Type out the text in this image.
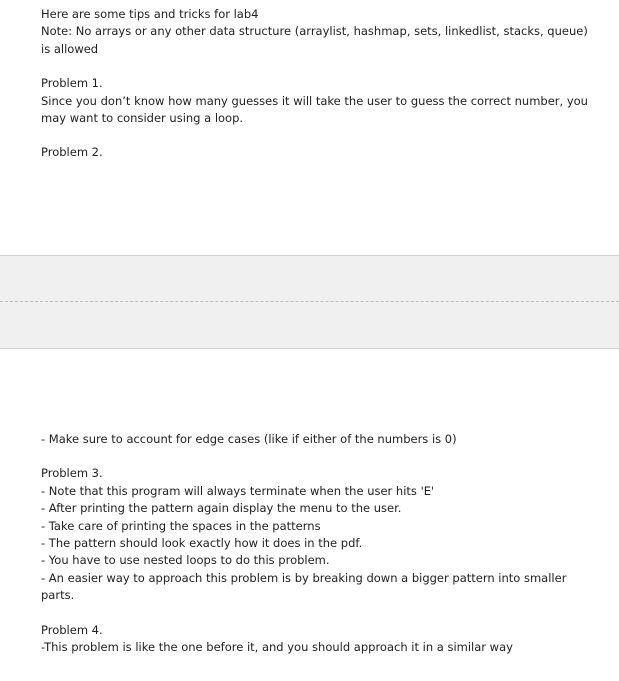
Here are some tips and tricks for lab4
Note: No arrays or any other data structure (arraylist, hashmap, sets, linkedlist, stacks, queue)
is allowed
Problem 1.
Since you don’t know how many guesses it will take the user to guess the correct number, you
may want to consider using a loop.
Problem 2.
- Make sure to account for edge cases (like if either of the numbers is 0)
Problem 3.
- Note that this program will always terminate when the user hits 'E'
- After printing the pattern again display the menu to the user.
- Take care of printing the spaces in the patterns
- The pattern should look exactly how it does in the pdf.
- You have to use nested loops to do this problem.
- An easier way to approach this problem is by breaking down a bigger pattern into smaller
parts.
Problem 4.
-This problem is like the one before it, and you should approach it in a similar way
